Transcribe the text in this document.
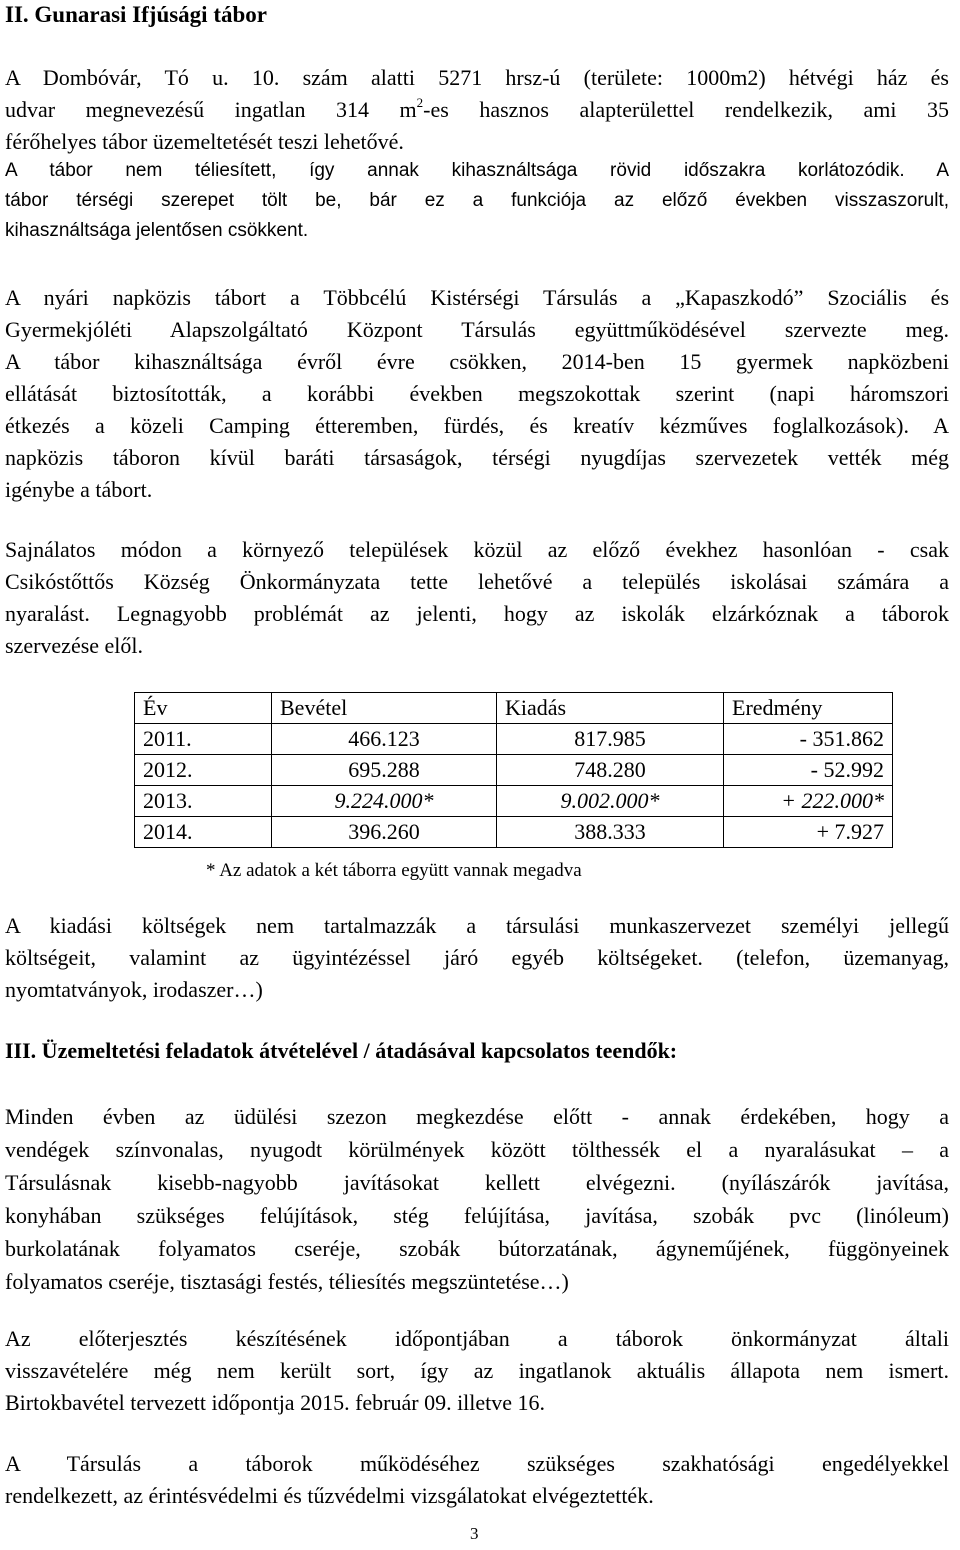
II. Gunarasi Ifjúsági tábor
A Dombóvár, Tó u. 10. szám alatti 5271 hrsz-ú (területe: 1000m2) hétvégi ház és
udvar megnevezésű ingatlan 314 $m^2-es$ hasznos alapterülettel rendelkezik, ami 35
férőhelyes tábor üzemeltetését teszi lehetővé.
A tábor nem téliesített, így annak kihasználtsága rövid időszakra korlátozódik. A
tábor térségi szerepet tölt be, bár ez a funkciója az előző években visszaszorult,
kihasználtsága jelentősen csökkent.
A nyári napközis tábort a Többcélú Kistérségi Társulás a „Kapaszkodó” Szociális és
Gyermekjóléti Alapszolgáltató Központ Társulás együttműködésével szervezte meg.
A tábor kihasználtsága évről évre csökken, 2014-ben 15 gyermek napközbeni
ellátását biztosították, a korábbi években megszokottak szerint (napi háromszori
étkezés a közeli Camping étteremben, fürdés, és kreatív kézműves foglalkozások). A
napközis táboron kívül baráti társaságok, térségi nyugdíjas szervezetek vették még
igénybe a tábort.
Sajnálatos módon a környező települések közül az előző évekhez hasonlóan - csak
Csikóstőttős Község Önkormányzata tette lehetővé a település iskolásai számára a
nyaralást. Legnagyobb problémát az jelenti, hogy az iskolák elzárkóznak a táborok
szervezése elől.
Év	Bevétel	Kiadás	Eredmény
2011.	466.123	817.985	- 351.862
2012.	695.288	748.280	- 52.992
2013.	9.224.000*	9.002.000*	+ 222.000*
2014.	396.260	388.333	+ 7.927
* Az adatok a két táborra együtt vannak megadva
A kiadási költségek nem tartalmazzák a társulási munkaszervezet személyi jellegű
költségeit, valamint az ügyintézéssel járó egyéb költségeket. (telefon, üzemanyag,
nyomtatványok, irodaszer…)
III. Üzemeltetési feladatok átvételével / átadásával kapcsolatos teendők:
Minden évben az üdülési szezon megkezdése előtt - annak érdekében, hogy a
vendégek színvonalas, nyugodt körülmények között tölthessék el a nyaralásukat – a
Társulásnak kisebb-nagyobb javításokat kellett elvégezni. (nyílászárók javítása,
konyhában szükséges felújítások, stég felújítása, javítása, szobák pvc (linóleum)
burkolatának folyamatos cseréje, szobák bútorzatának, ágyneműjének, függönyeinek
folyamatos cseréje, tisztasági festés, téliesítés megszüntetése…)
Az előterjesztés készítésének időpontjában a táborok önkormányzat általi
visszavételére még nem került sort, így az ingatlanok aktuális állapota nem ismert.
Birtokbavétel tervezett időpontja 2015. február 09. illetve 16.
A Társulás a táborok működéséhez szükséges szakhatósági engedélyekkel
rendelkezett, az érintésvédelmi és tűzvédelmi vizsgálatokat elvégeztették.
3
